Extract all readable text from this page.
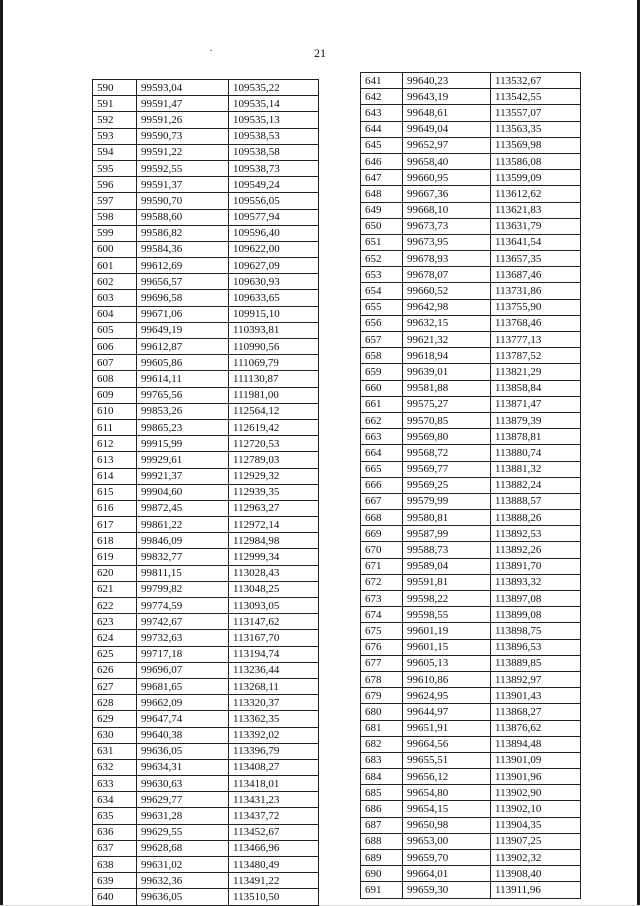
21
590	99593,04	109535,22
591	99591,47	109535,14
592	99591,26	109535,13
593	99590,73	109538,53
594	99591,22	109538,58
595	99592,55	109538,73
596	99591,37	109549,24
597	99590,70	109556,05
598	99588,60	109577,94
599	99586,82	109596,40
600	99584,36	109622,00
601	99612,69	109627,09
602	99656,57	109630,93
603	99696,58	109633,65
604	99671,06	109915,10
605	99649,19	110393,81
606	99612,87	110990,56
607	99605,86	111069,79
608	99614,11	111130,87
609	99765,56	111981,00
610	99853,26	112564,12
611	99865,23	112619,42
612	99915,99	112720,53
613	99929,61	112789,03
614	99921,37	112929,32
615	99904,60	112939,35
616	99872,45	112963,27
617	99861,22	112972,14
618	99846,09	112984,98
619	99832,77	112999,34
620	99811,15	113028,43
621	99799,82	113048,25
622	99774,59	113093,05
623	99742,67	113147,62
624	99732,63	113167,70
625	99717,18	113194,74
626	99696,07	113236,44
627	99681,65	113268,11
628	99662,09	113320,37
629	99647,74	113362,35
630	99640,38	113392,02
631	99636,05	113396,79
632	99634,31	113408,27
633	99630,63	113418,01
634	99629,77	113431,23
635	99631,28	113437,72
636	99629,55	113452,67
637	99628,68	113466,96
638	99631,02	113480,49
639	99632,36	113491,22
640	99636,05	113510,50
641	99640,23	113532,67
642	99643,19	113542,55
643	99648,61	113557,07
644	99649,04	113563,35
645	99652,97	113569,98
646	99658,40	113586,08
647	99660,95	113599,09
648	99667,36	113612,62
649	99668,10	113621,83
650	99673,73	113631,79
651	99673,95	113641,54
652	99678,93	113657,35
653	99678,07	113687,46
654	99660,52	113731,86
655	99642,98	113755,90
656	99632,15	113768,46
657	99621,32	113777,13
658	99618,94	113787,52
659	99639,01	113821,29
660	99581,88	113858,84
661	99575,27	113871,47
662	99570,85	113879,39
663	99569,80	113878,81
664	99568,72	113880,74
665	99569,77	113881,32
666	99569,25	113882,24
667	99579,99	113888,57
668	99580,81	113888,26
669	99587,99	113892,53
670	99588,73	113892,26
671	99589,04	113891,70
672	99591,81	113893,32
673	99598,22	113897,08
674	99598,55	113899,08
675	99601,19	113898,75
676	99601,15	113896,53
677	99605,13	113889,85
678	99610,86	113892,97
679	99624,95	113901,43
680	99644,97	113868,27
681	99651,91	113876,62
682	99664,56	113894,48
683	99655,51	113901,09
684	99656,12	113901,96
685	99654,80	113902,90
686	99654,15	113902,10
687	99650,98	113904,35
688	99653,00	113907,25
689	99659,70	113902,32
690	99664,01	113908,40
691	99659,30	113911,96
